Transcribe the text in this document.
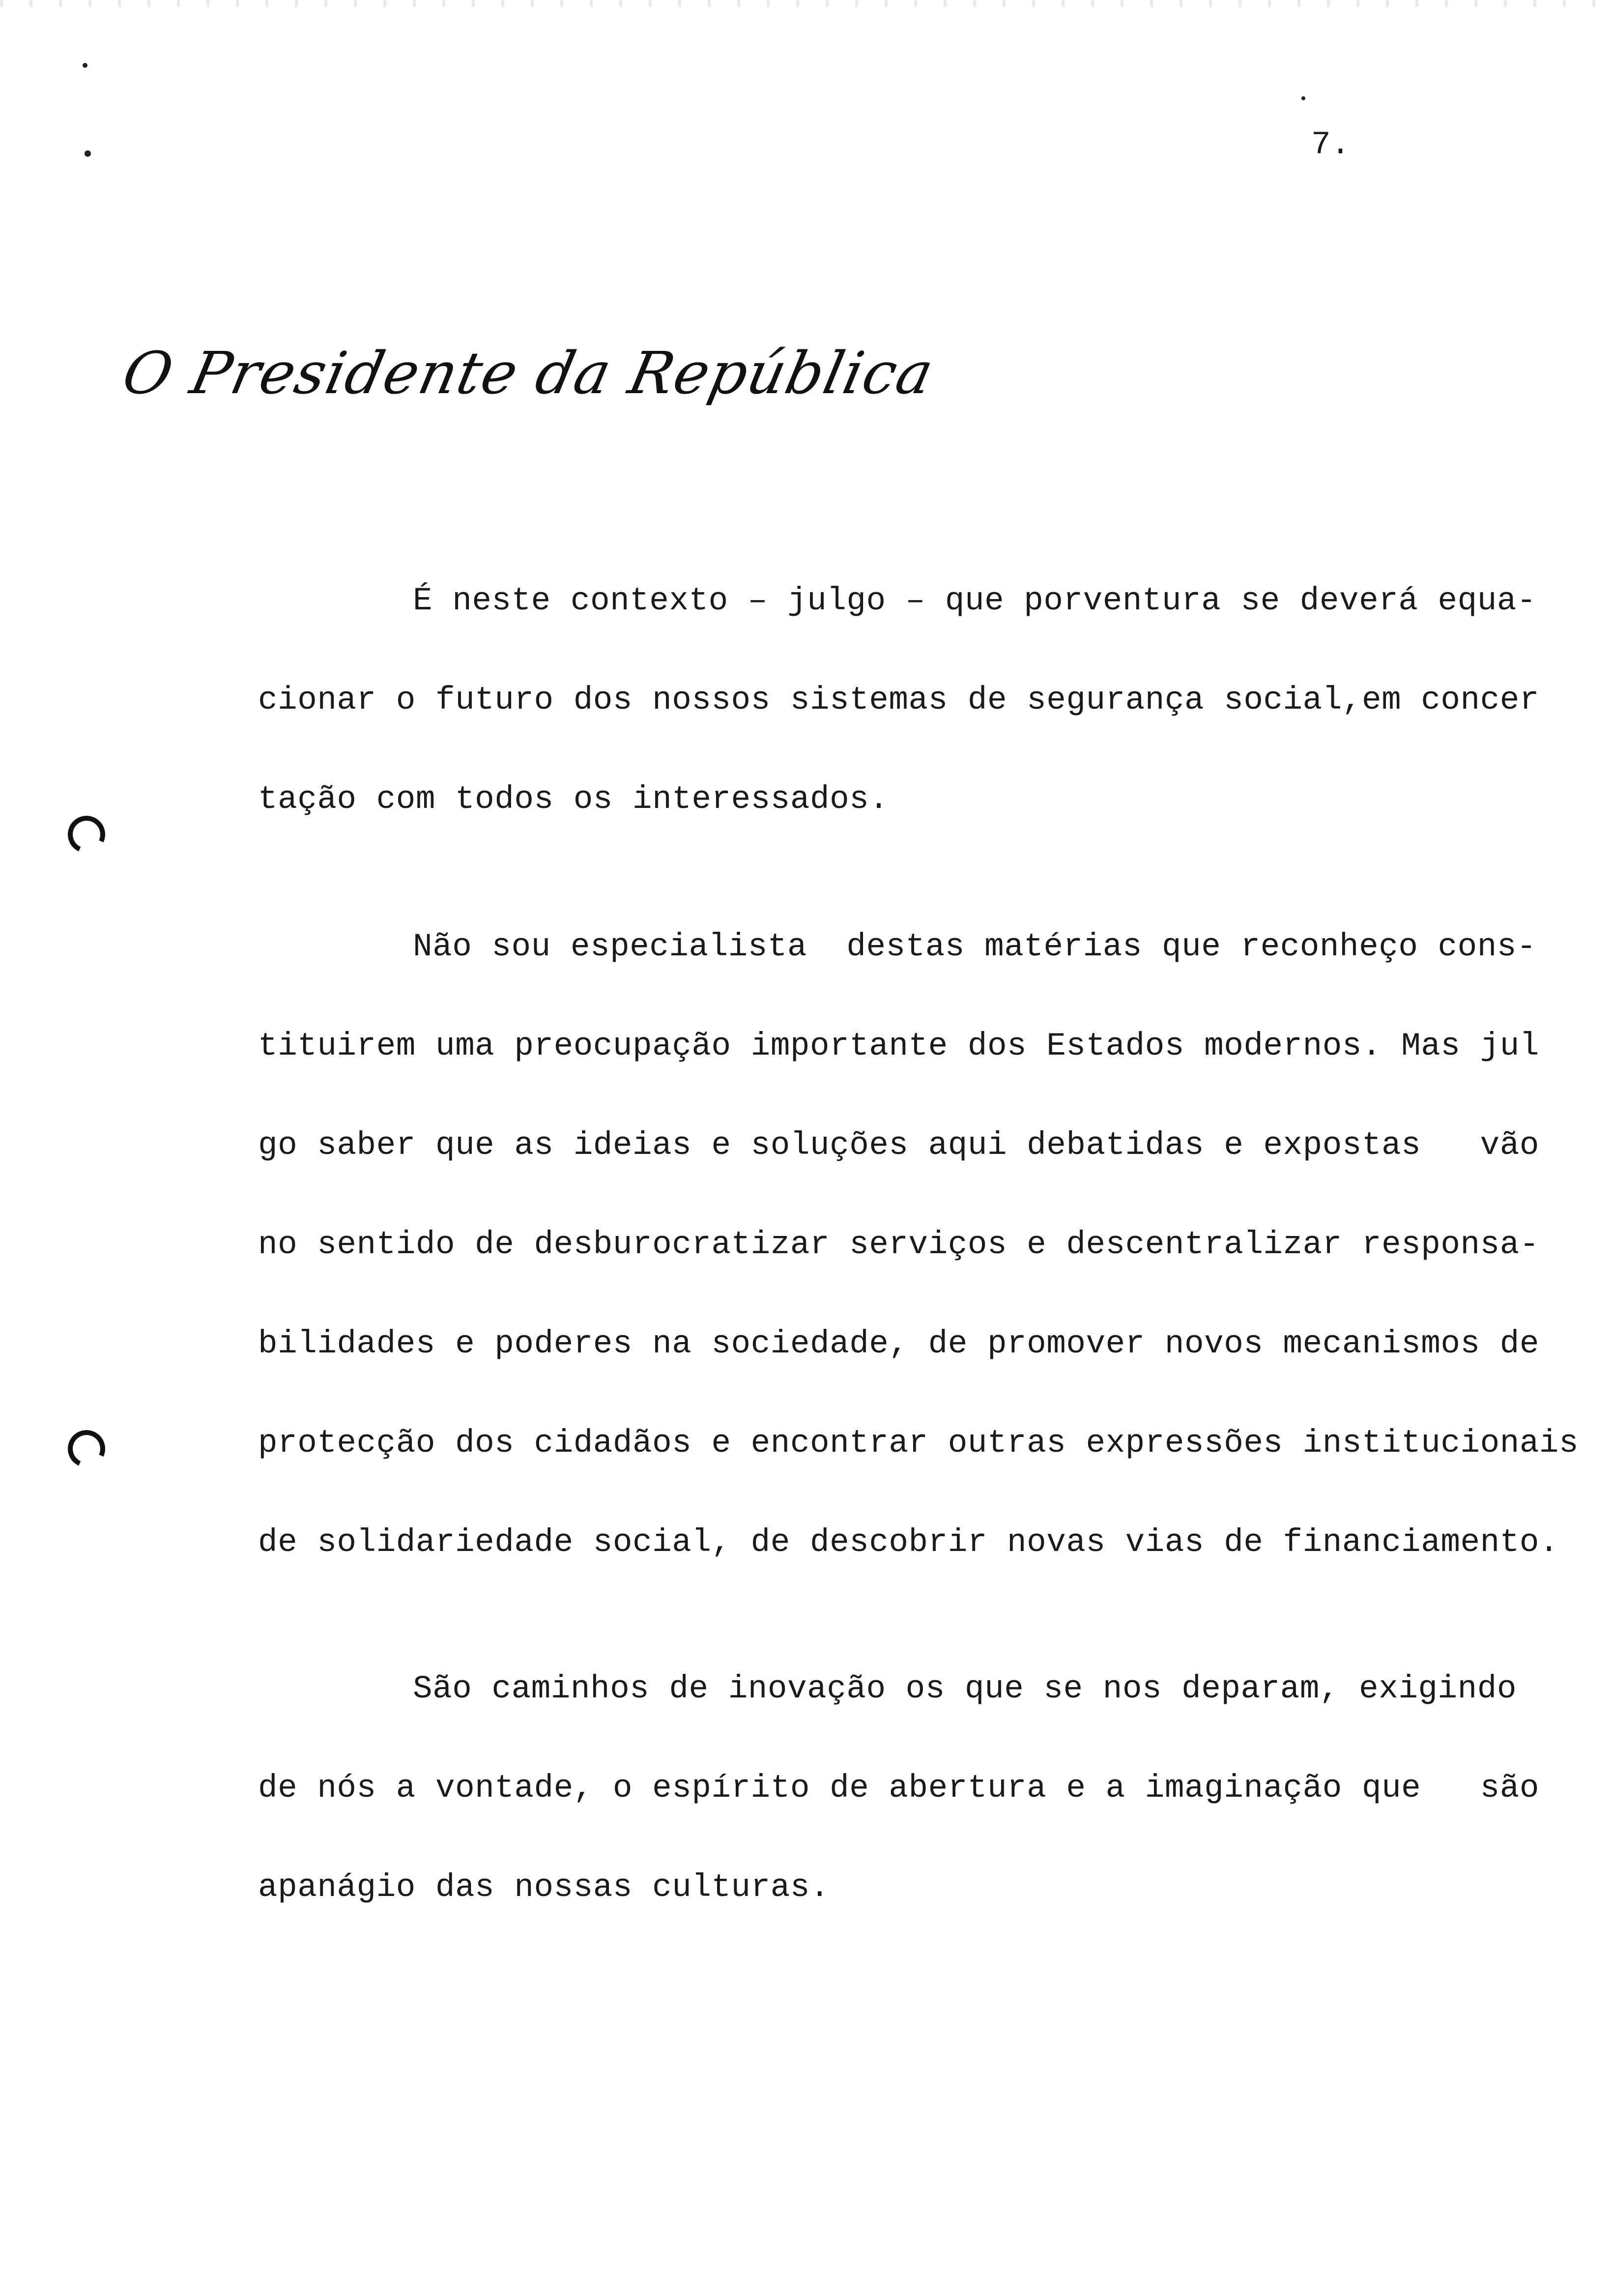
7.
O Presidente da República
É neste contexto – julgo – que porventura se deverá equa-
cionar o futuro dos nossos sistemas de segurança social,em concer
tação com todos os interessados.
Não sou especialista  destas matérias que reconheço cons-
tituirem uma preocupação importante dos Estados modernos. Mas jul
go saber que as ideias e soluções aqui debatidas e expostas   vão
no sentido de desburocratizar serviços e descentralizar responsa-
bilidades e poderes na sociedade, de promover novos mecanismos de
protecção dos cidadãos e encontrar outras expressões institucionais
de solidariedade social, de descobrir novas vias de financiamento.
São caminhos de inovação os que se nos deparam, exigindo
de nós a vontade, o espírito de abertura e a imaginação que   são
apanágio das nossas culturas.
